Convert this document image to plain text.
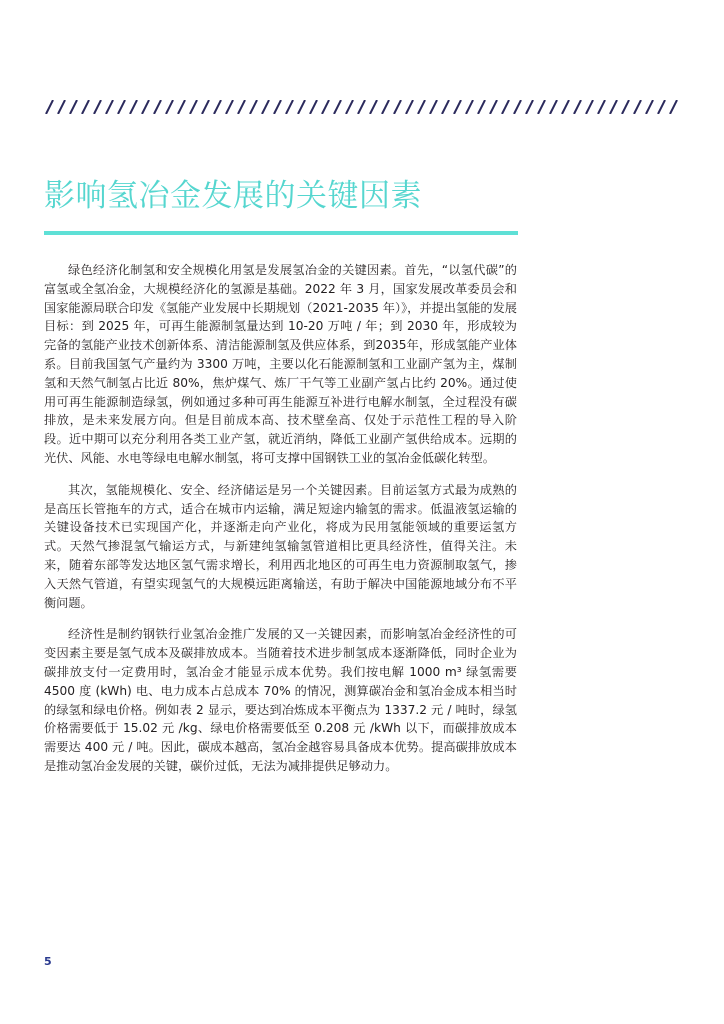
影响氢冶金发展的关键因素

绿色经济化制氢和安全规模化用氢是发展氢冶金的关键因素。首先，“以氢代碳”的富氢或全氢冶金，大规模经济化的氢源是基础。2022 年 3 月，国家发展改革委员会和国家能源局联合印发《氢能产业发展中长期规划（2021-2035 年）》，并提出氢能的发展目标：到 2025 年，可再生能源制氢量达到 10-20 万吨 / 年；到 2030 年，形成较为完备的氢能产业技术创新体系、清洁能源制氢及供应体系，到2035年，形成氢能产业体系。目前我国氢气产量约为 3300 万吨，主要以化石能源制氢和工业副产氢为主，煤制氢和天然气制氢占比近 80%，焦炉煤气、炼厂干气等工业副产氢占比约 20%。通过使用可再生能源制造绿氢，例如通过多种可再生能源互补进行电解水制氢，全过程没有碳排放，是未来发展方向。但是目前成本高、技术壁垒高、仅处于示范性工程的导入阶段。近中期可以充分利用各类工业产氢，就近消纳，降低工业副产氢供给成本。远期的光伏、风能、水电等绿电电解水制氢，将可支撑中国钢铁工业的氢冶金低碳化转型。

其次，氢能规模化、安全、经济储运是另一个关键因素。目前运氢方式最为成熟的是高压长管拖车的方式，适合在城市内运输，满足短途内输氢的需求。低温液氢运输的关键设备技术已实现国产化，并逐渐走向产业化，将成为民用氢能领域的重要运氢方式。天然气掺混氢气输运方式，与新建纯氢输氢管道相比更具经济性，值得关注。未来，随着东部等发达地区氢气需求增长，利用西北地区的可再生电力资源制取氢气，掺入天然气管道，有望实现氢气的大规模远距离输送，有助于解决中国能源地域分布不平衡问题。

经济性是制约钢铁行业氢冶金推广发展的又一关键因素，而影响氢冶金经济性的可变因素主要是氢气成本及碳排放成本。当随着技术进步制氢成本逐渐降低，同时企业为碳排放支付一定费用时，氢冶金才能显示成本优势。我们按电解 1000 m³ 绿氢需要 4500 度 (kWh) 电、电力成本占总成本 70% 的情况，测算碳冶金和氢冶金成本相当时的绿氢和绿电价格。例如表 2 显示，要达到冶炼成本平衡点为 1337.2 元 / 吨时，绿氢价格需要低于 15.02 元 /kg、绿电价格需要低至 0.208 元 /kWh 以下，而碳排放成本需要达 400 元 / 吨。因此，碳成本越高，氢冶金越容易具备成本优势。提高碳排放成本是推动氢冶金发展的关键，碳价过低，无法为减排提供足够动力。

5
